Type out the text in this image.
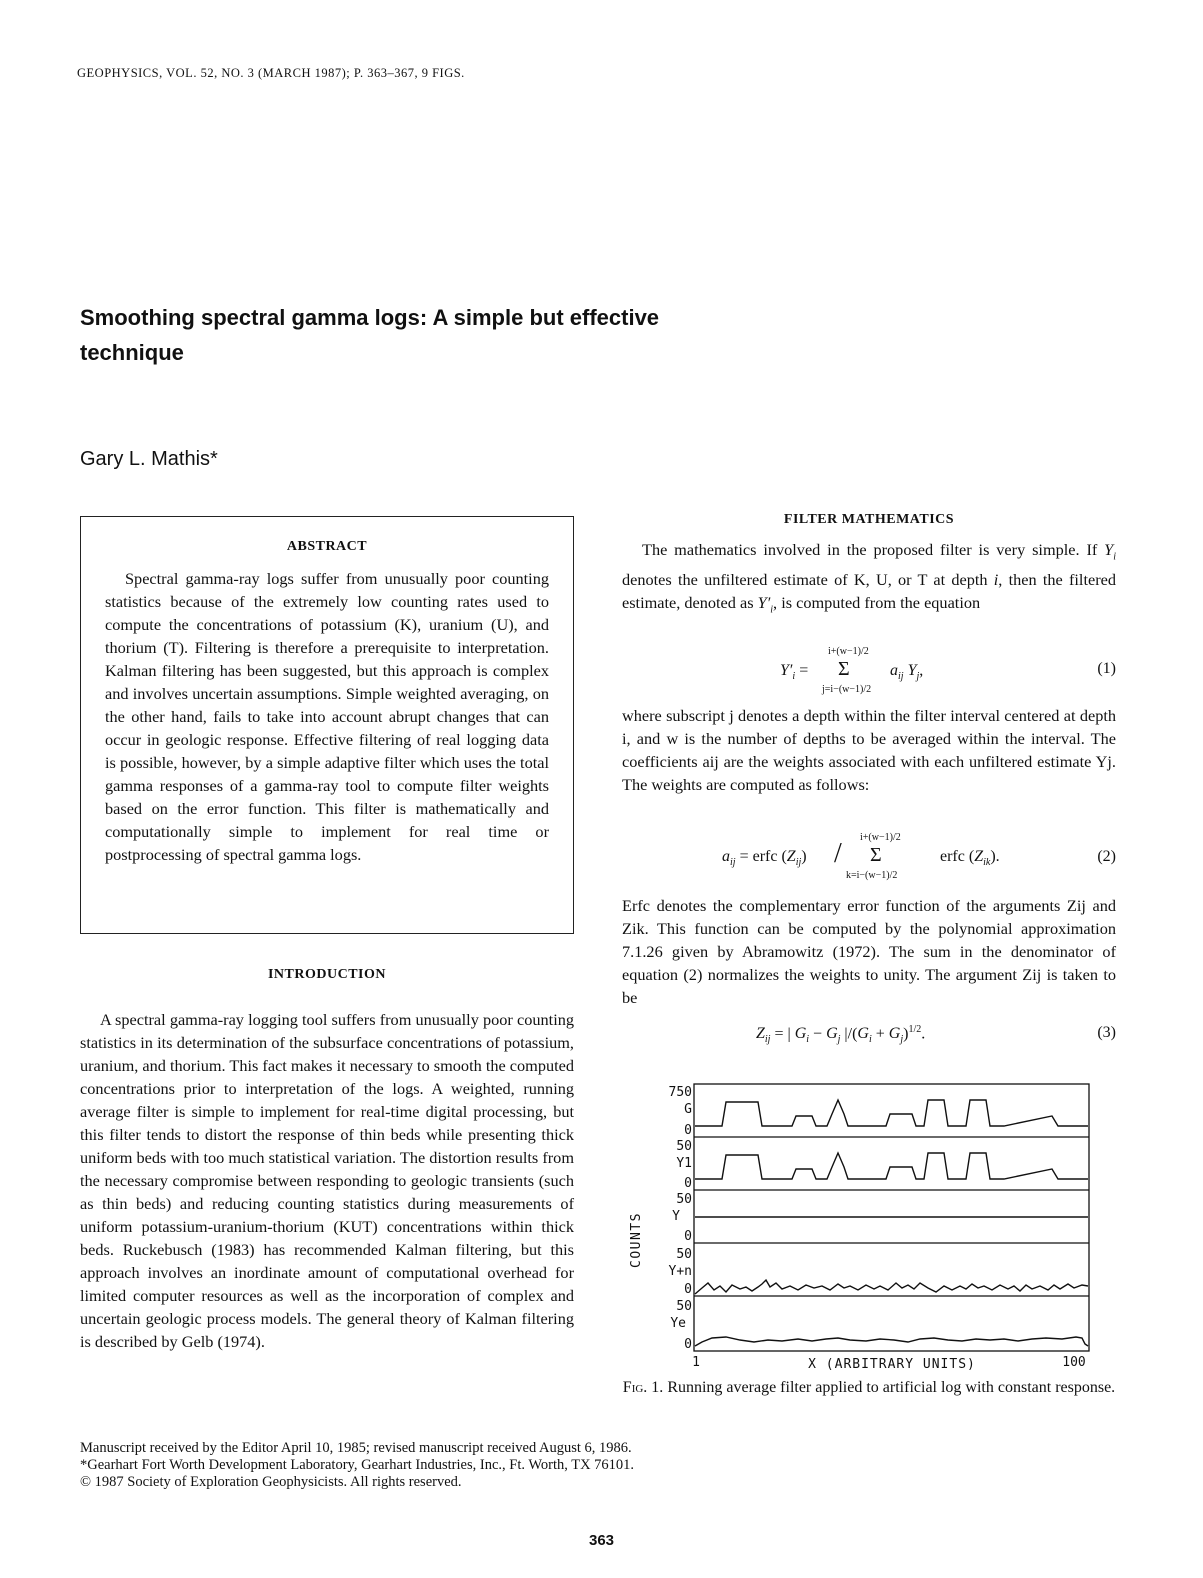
GEOPHYSICS, VOL. 52, NO. 3 (MARCH 1987); P. 363–367, 9 FIGS.
Smoothing spectral gamma logs: A simple but effective technique
Gary L. Mathis*
ABSTRACT

Spectral gamma-ray logs suffer from unusually poor counting statistics because of the extremely low counting rates used to compute the concentrations of potassium (K), uranium (U), and thorium (T). Filtering is therefore a prerequisite to interpretation. Kalman filtering has been suggested, but this approach is complex and involves uncertain assumptions. Simple weighted averaging, on the other hand, fails to take into account abrupt changes that can occur in geologic response. Effective filtering of real logging data is possible, however, by a simple adaptive filter which uses the total gamma responses of a gamma-ray tool to compute filter weights based on the error function. This filter is mathematically and computationally simple to implement for real time or postprocessing of spectral gamma logs.

INTRODUCTION

A spectral gamma-ray logging tool suffers from unusually poor counting statistics in its determination of the subsurface concentrations of potassium, uranium, and thorium. This fact makes it necessary to smooth the computed concentrations prior to interpretation of the logs. A weighted, running average filter is simple to implement for real-time digital processing, but this filter tends to distort the response of thin beds while presenting thick uniform beds with too much statistical variation. The distortion results from the necessary compromise between responding to geologic transients (such as thin beds) and reducing counting statistics during measurements of uniform potassium-uranium-thorium (KUT) concentrations within thick beds. Ruckebusch (1983) has recommended Kalman filtering, but this approach involves an inordinate amount of computational overhead for limited computer resources as well as the incorporation of complex and uncertain geologic process models. The general theory of Kalman filtering is described by Gelb (1974).

FILTER MATHEMATICS

The mathematics involved in the proposed filter is very simple. If $Y_i$ denotes the unfiltered estimate of K, U, or T at depth i, then the filtered estimate, denoted as $Y'_i$, is computed from the equation

i+(w−1)/2
$Y'_i = \Sigma$	$a_{ij}$ $Y_j$,
j=i−(w−1)/2
(1)

where subscript j denotes a depth within the filter interval centered at depth i, and w is the number of depths to be averaged within the interval. The coefficients aij are the weights associated with each unfiltered estimate Yj. The weights are computed as follows:

i+(w−1)/2
$a_{ij}$ = erfc $(Z_{ij})$ / Σ	erfc $(Z_{ik})$.
k=i−(w−1)/2
(2)

Erfc denotes the complementary error function of the arguments Zij and Zik. This function can be computed by the polynomial approximation 7.1.26 given by Abramowitz (1972). The sum in the denominator of equation (2) normalizes the weights to unity. The argument Zij is taken to be

$Z_{ij}$ = | $G_i - G_j$ $|/(G_i + G_j)^{1/2}$.	(3)
750
G
0
50
Y1
0
50
Y
0
50
Y+n
0
50
Ye
0
COUNTS
1	X (ARBITRARY UNITS)	100
Fig. 1. Running average filter applied to artificial log with constant response.
Manuscript received by the Editor April 10, 1985; revised manuscript received August 6, 1986.
*Gearhart Fort Worth Development Laboratory, Gearhart Industries, Inc., Ft. Worth, TX 76101.
© 1987 Society of Exploration Geophysicists. All rights reserved.
363
